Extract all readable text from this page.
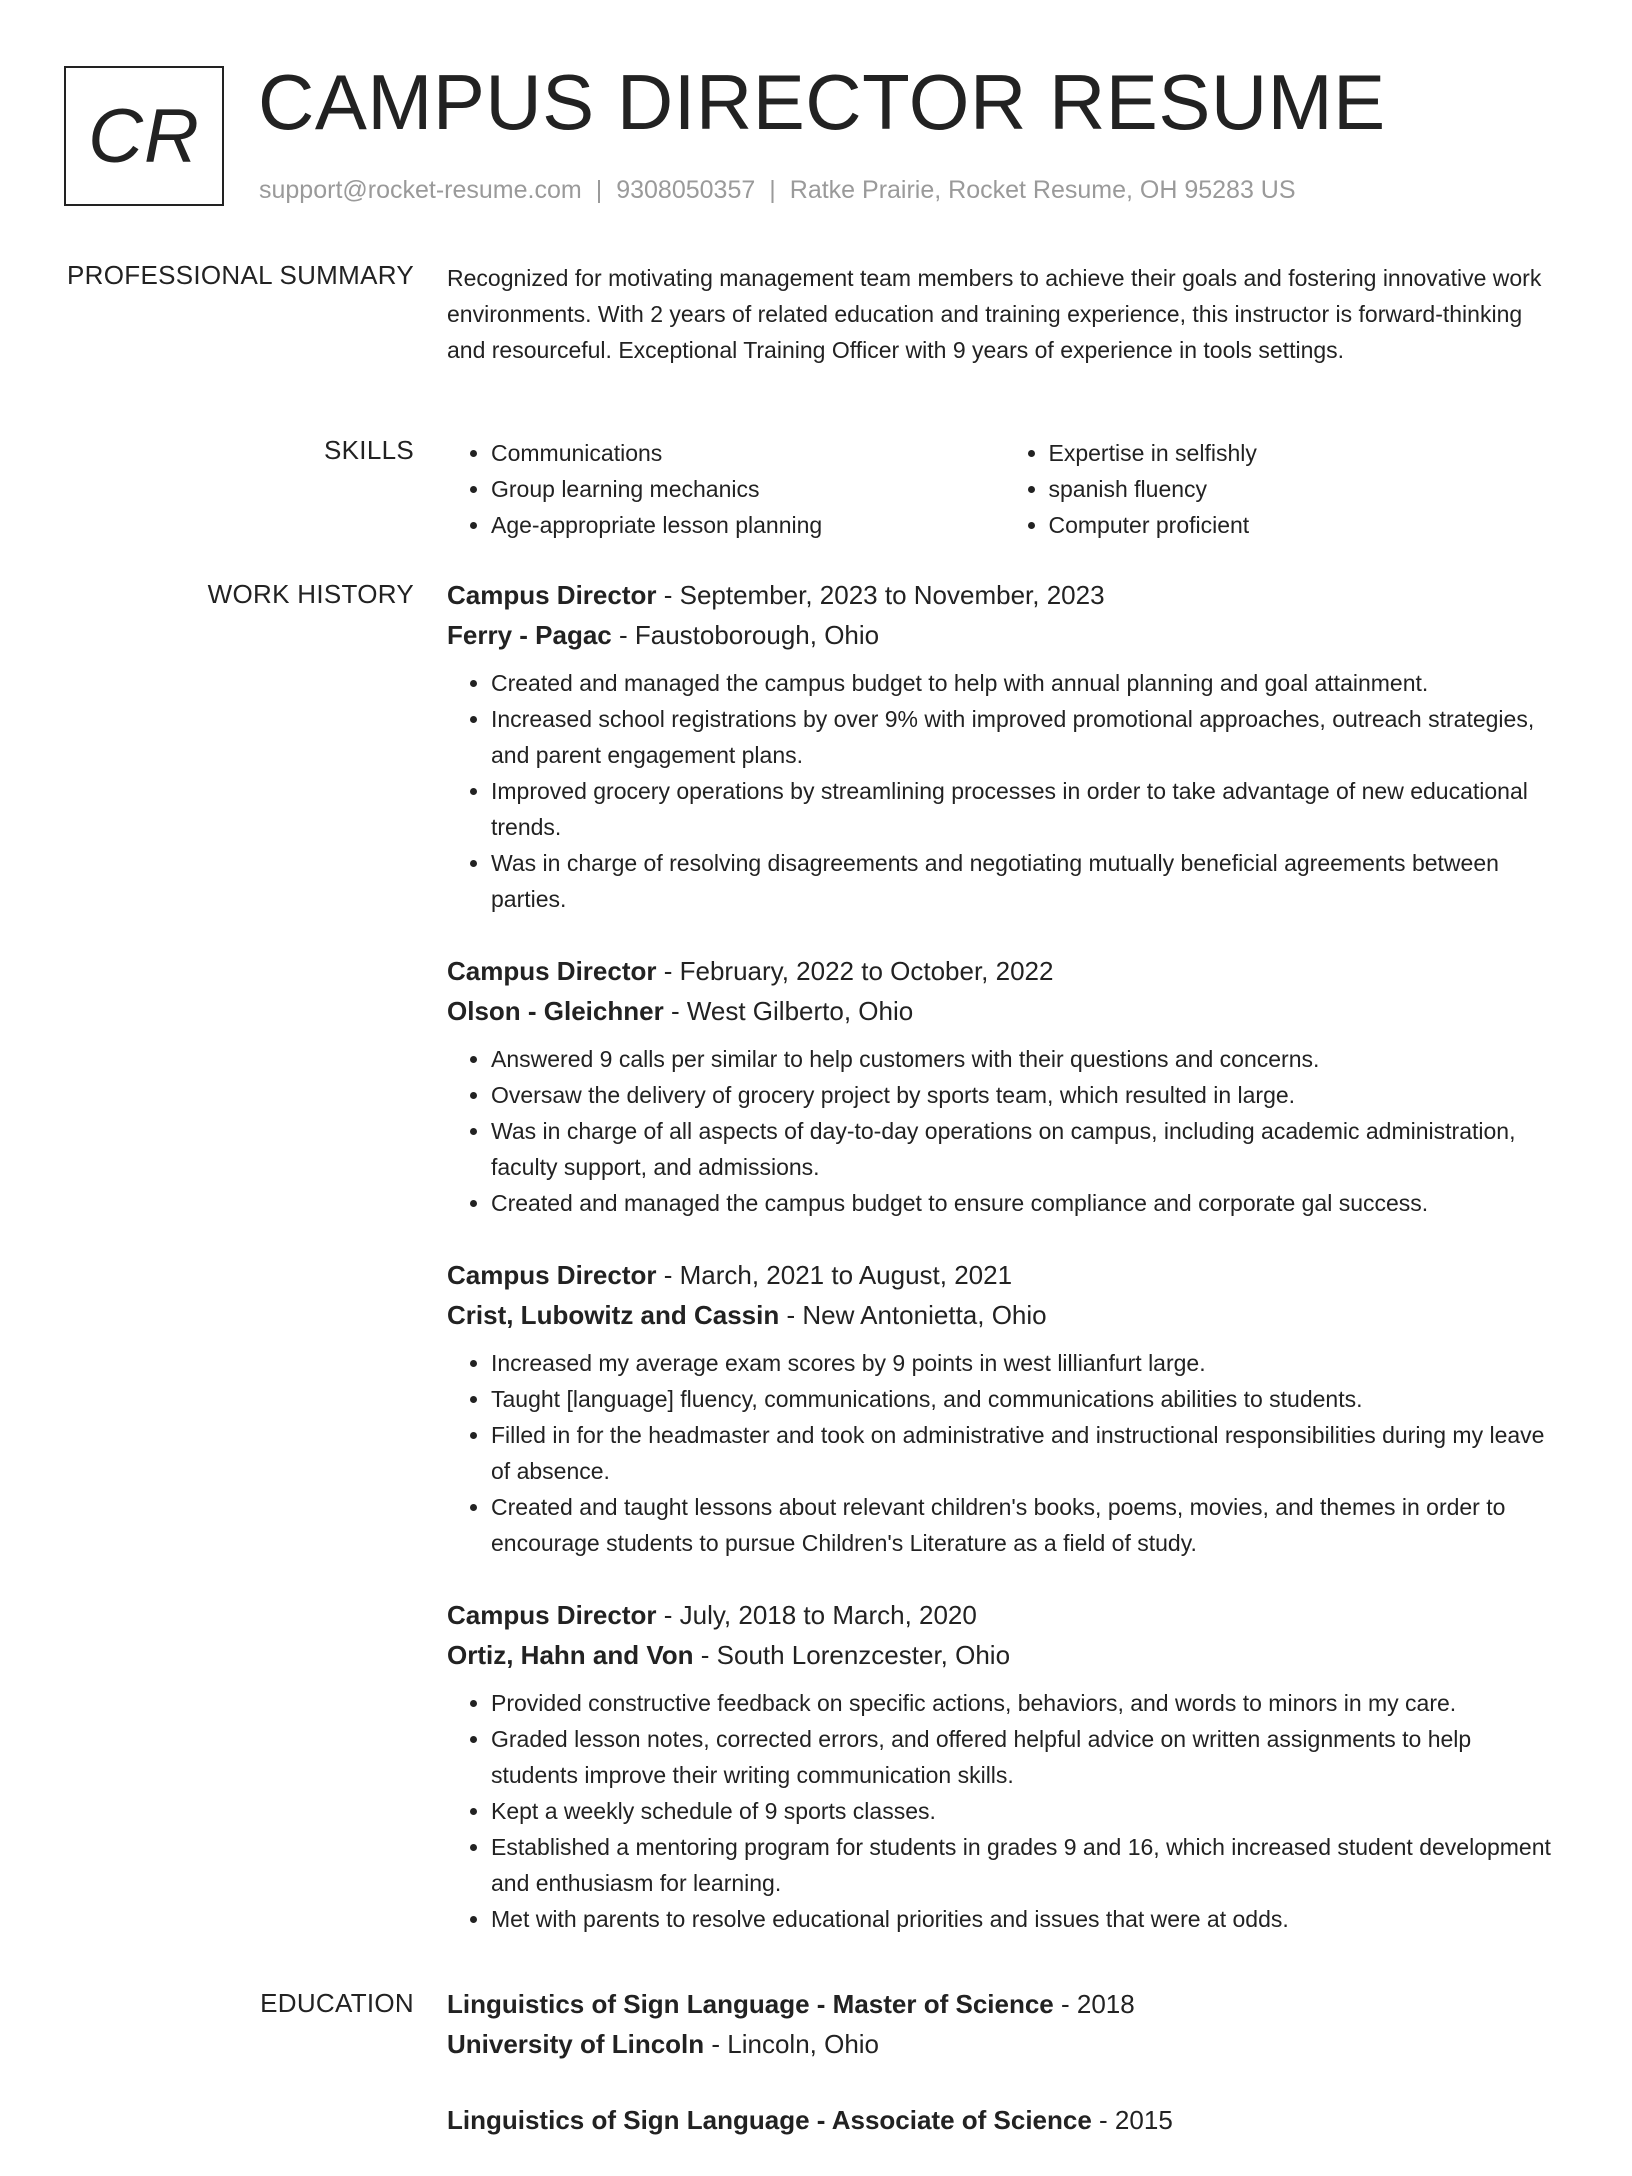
CR CAMPUS DIRECTOR RESUME
support@rocket-resume.com | 9308050357 | Ratke Prairie, Rocket Resume, OH 95283 US
PROFESSIONAL SUMMARY Recognized for motivating management team members to achieve their goals and fostering innovative work environments. With 2 years of related education and training experience, this instructor is forward-thinking and resourceful. Exceptional Training Officer with 9 years of experience in tools settings.

SKILLS
•	Communications
• Group learning mechanics
• Age-appropriate lesson planning
• Expertise in selfishly
• spanish fluency
• Computer proficient
WORK HISTORY Campus Director - September, 2023 to November, 2023
Ferry - Pagac - Faustoborough, Ohio
• Created and managed the campus budget to help with annual planning and goal attainment.
• Increased school registrations by over 9% with improved promotional approaches, outreach strategies, and parent engagement plans.
• Improved grocery operations by streamlining processes in order to take advantage of new educational trends.
• Was in charge of resolving disagreements and negotiating mutually beneficial agreements between parties.
Campus Director - February, 2022 to October, 2022
Olson - Gleichner - West Gilberto, Ohio
• Answered 9 calls per similar to help customers with their questions and concerns.
• Oversaw the delivery of grocery project by sports team, which resulted in large.
• Was in charge of all aspects of day-to-day operations on campus, including academic administration, faculty support, and admissions.
• Created and managed the campus budget to ensure compliance and corporate gal success.
Campus Director - March, 2021 to August, 2021
Crist, Lubowitz and Cassin - New Antonietta, Ohio
• Increased my average exam scores by 9 points in west lillianfurt large.
• Taught [language] fluency, communications, and communications abilities to students.
• Filled in for the headmaster and took on administrative and instructional responsibilities during my leave of absence.
• Created and taught lessons about relevant children's books, poems, movies, and themes in order to encourage students to pursue Children's Literature as a field of study.
Campus Director - July, 2018 to March, 2020
Ortiz, Hahn and Von - South Lorenzcester, Ohio
• Provided constructive feedback on specific actions, behaviors, and words to minors in my care.
• Graded lesson notes, corrected errors, and offered helpful advice on written assignments to help students improve their writing communication skills.
• Kept a weekly schedule of 9 sports classes.
• Established a mentoring program for students in grades 9 and 16, which increased student development and enthusiasm for learning.
• Met with parents to resolve educational priorities and issues that were at odds.
EDUCATION Linguistics of Sign Language - Master of Science - 2018
University of Lincoln - Lincoln, Ohio
Linguistics of Sign Language - Associate of Science - 2015
